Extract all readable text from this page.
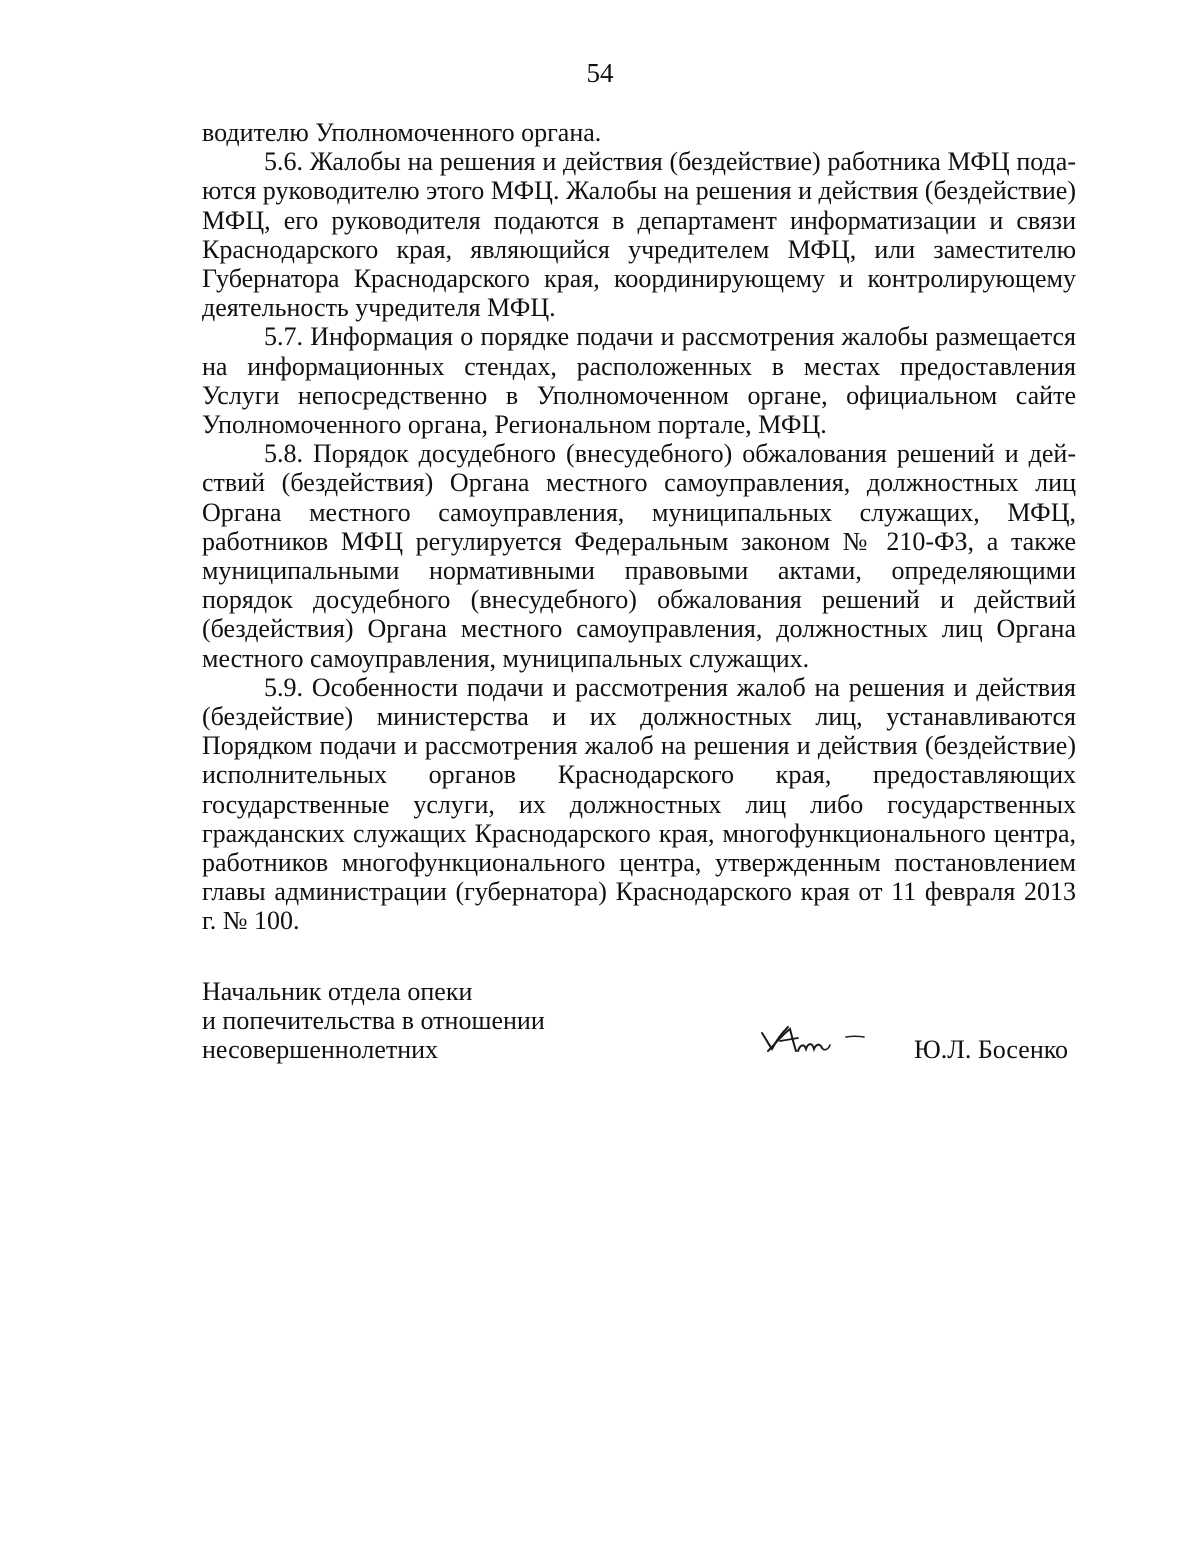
54

водителю Уполномоченного органа.

5.6. Жалобы на решения и действия (бездействие) работника МФЦ подаются руководителю этого МФЦ. Жалобы на решения и действия (бездействие) МФЦ, его руководителя подаются в департамент информатизации и связи Краснодарского края, являющийся учредителем МФЦ, или заместителю Губернатора Краснодарского края, координирующему и контролирующему деятельность учредителя МФЦ.

5.7. Информация о порядке подачи и рассмотрения жалобы размещается на информационных стендах, расположенных в местах предоставления Услуги непосредственно в Уполномоченном органе, официальном сайте Уполномоченного органа, Региональном портале, МФЦ.

5.8. Порядок досудебного (внесудебного) обжалования решений и действий (бездействия) Органа местного самоуправления, должностных лиц Органа местного самоуправления, муниципальных служащих, МФЦ, работников МФЦ регулируется Федеральным законом № 210-ФЗ, а также муниципальными нормативными правовыми актами, определяющими порядок досудебного (внесудебного) обжалования решений и действий (бездействия) Органа местного самоуправления, должностных лиц Органа местного самоуправления, муниципальных служащих.

5.9. Особенности подачи и рассмотрения жалоб на решения и действия (бездействие) министерства и их должностных лиц, устанавливаются Порядком подачи и рассмотрения жалоб на решения и действия (бездействие) исполнительных органов Краснодарского края, предоставляющих государственные услуги, их должностных лиц либо государственных гражданских служащих Краснодарского края, многофункционального центра, работников многофункционального центра, утвержденным постановлением главы администрации (губернатора) Краснодарского края от 11 февраля 2013 г. № 100.

Начальник отдела опеки
и попечительства в отношении
несовершеннолетних	Ю.Л. Босенко
